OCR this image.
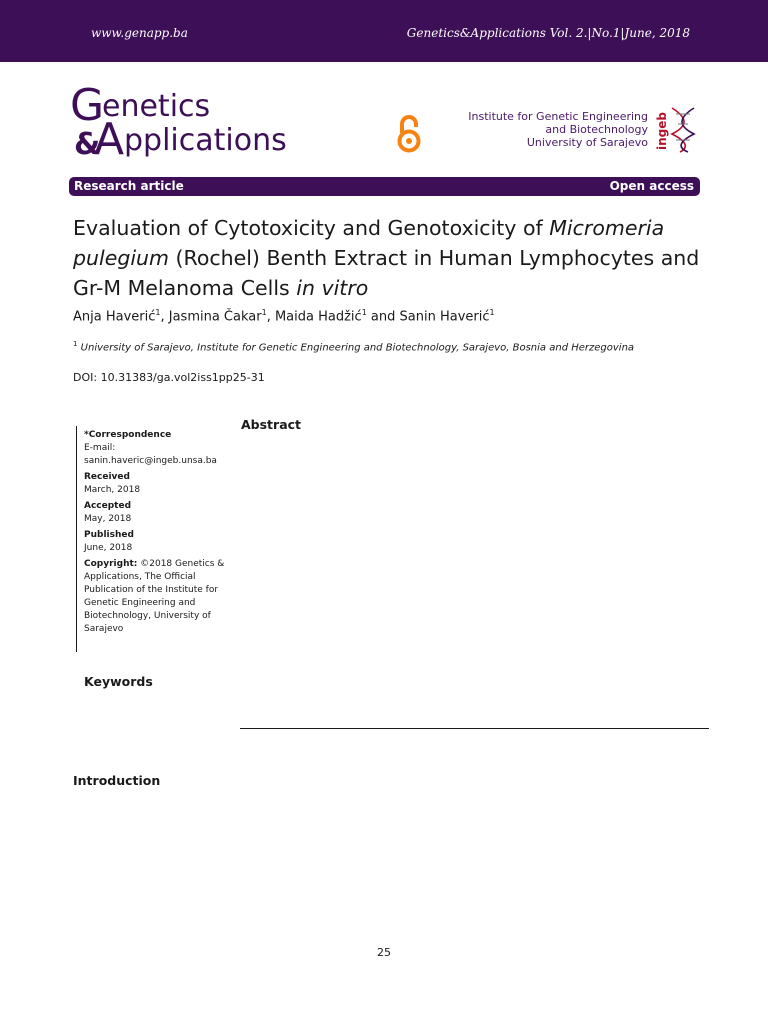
www.genapp.ba	Genetics&Applications Vol. 2.|No.1|June, 2018
G
enetics
&
A pplications
Institute for Genetic Engineering
and Biotechnology
University of Sarajevo ingeb
Research article	Open access
Evaluation of Cytotoxicity and Genotoxicity of Micromeria pulegium (Rochel) Benth Extract in Human Lymphocytes and Gr-M Melanoma Cells in vitro
Anja Haverić$^1$, Jasmina Čakar$^1$, Maida Hadžić$^1$ and Sanin Haverić$^1$
$^1$ University of Sarajevo, Institute for Genetic Engineering and Biotechnology, Sarajevo, Bosnia and Herzegovina
DOI: 10.31383/ga.vol2iss1pp25-31
*Correspondence
E-mail:
sanin.haveric@ingeb.unsa.ba
Received
March, 2018
Accepted
May, 2018
Published
June, 2018
Copyright: ©2018 Genetics & Applications, The Official Publication of the Institute for Genetic Engineering and Biotechnology, University of Sarajevo
Abstract
Keywords
Introduction
25
